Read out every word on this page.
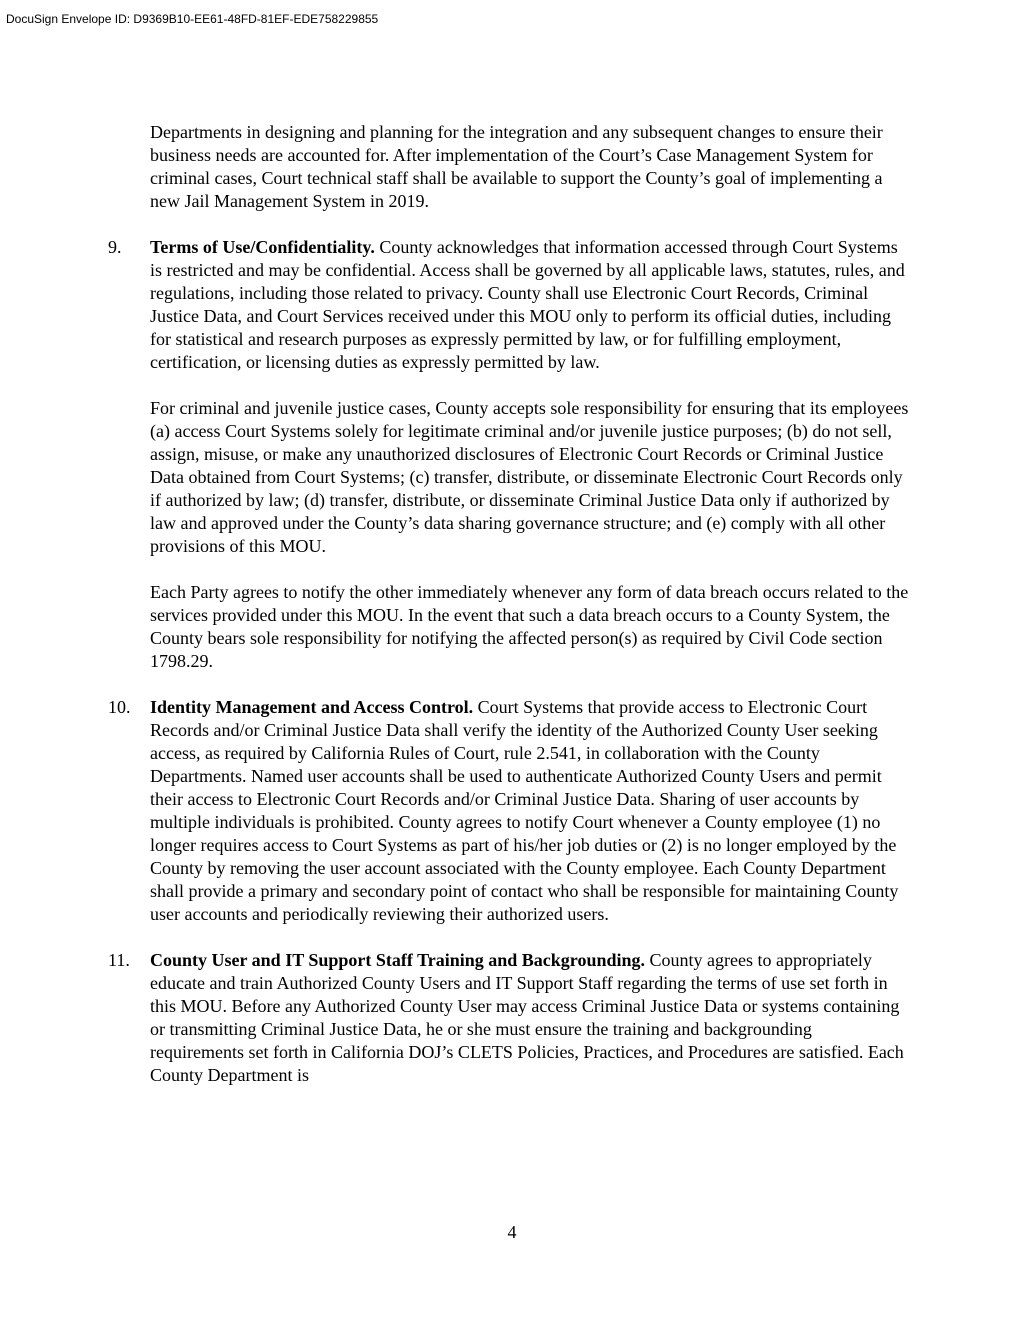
DocuSign Envelope ID: D9369B10-EE61-48FD-81EF-EDE758229855

Departments in designing and planning for the integration and any subsequent changes to ensure their business needs are accounted for. After implementation of the Court’s Case Management System for criminal cases, Court technical staff shall be available to support the County’s goal of implementing a new Jail Management System in 2019.

9. Terms of Use/Confidentiality. County acknowledges that information accessed through Court Systems is restricted and may be confidential. Access shall be governed by all applicable laws, statutes, rules, and regulations, including those related to privacy. County shall use Electronic Court Records, Criminal Justice Data, and Court Services received under this MOU only to perform its official duties, including for statistical and research purposes as expressly permitted by law, or for fulfilling employment, certification, or licensing duties as expressly permitted by law.

For criminal and juvenile justice cases, County accepts sole responsibility for ensuring that its employees (a) access Court Systems solely for legitimate criminal and/or juvenile justice purposes; (b) do not sell, assign, misuse, or make any unauthorized disclosures of Electronic Court Records or Criminal Justice Data obtained from Court Systems; (c) transfer, distribute, or disseminate Electronic Court Records only if authorized by law; (d) transfer, distribute, or disseminate Criminal Justice Data only if authorized by law and approved under the County’s data sharing governance structure; and (e) comply with all other provisions of this MOU.

Each Party agrees to notify the other immediately whenever any form of data breach occurs related to the services provided under this MOU. In the event that such a data breach occurs to a County System, the County bears sole responsibility for notifying the affected person(s) as required by Civil Code section 1798.29.

10. Identity Management and Access Control. Court Systems that provide access to Electronic Court Records and/or Criminal Justice Data shall verify the identity of the Authorized County User seeking access, as required by California Rules of Court, rule 2.541, in collaboration with the County Departments. Named user accounts shall be used to authenticate Authorized County Users and permit their access to Electronic Court Records and/or Criminal Justice Data. Sharing of user accounts by multiple individuals is prohibited. County agrees to notify Court whenever a County employee (1) no longer requires access to Court Systems as part of his/her job duties or (2) is no longer employed by the County by removing the user account associated with the County employee. Each County Department shall provide a primary and secondary point of contact who shall be responsible for maintaining County user accounts and periodically reviewing their authorized users.
11. County User and IT Support Staff Training and Backgrounding. County agrees to appropriately educate and train Authorized County Users and IT Support Staff regarding the terms of use set forth in this MOU. Before any Authorized County User may access Criminal Justice Data or systems containing or transmitting Criminal Justice Data, he or she must ensure the training and backgrounding requirements set forth in California DOJ’s CLETS Policies, Practices, and Procedures are satisfied. Each County Department is
4
